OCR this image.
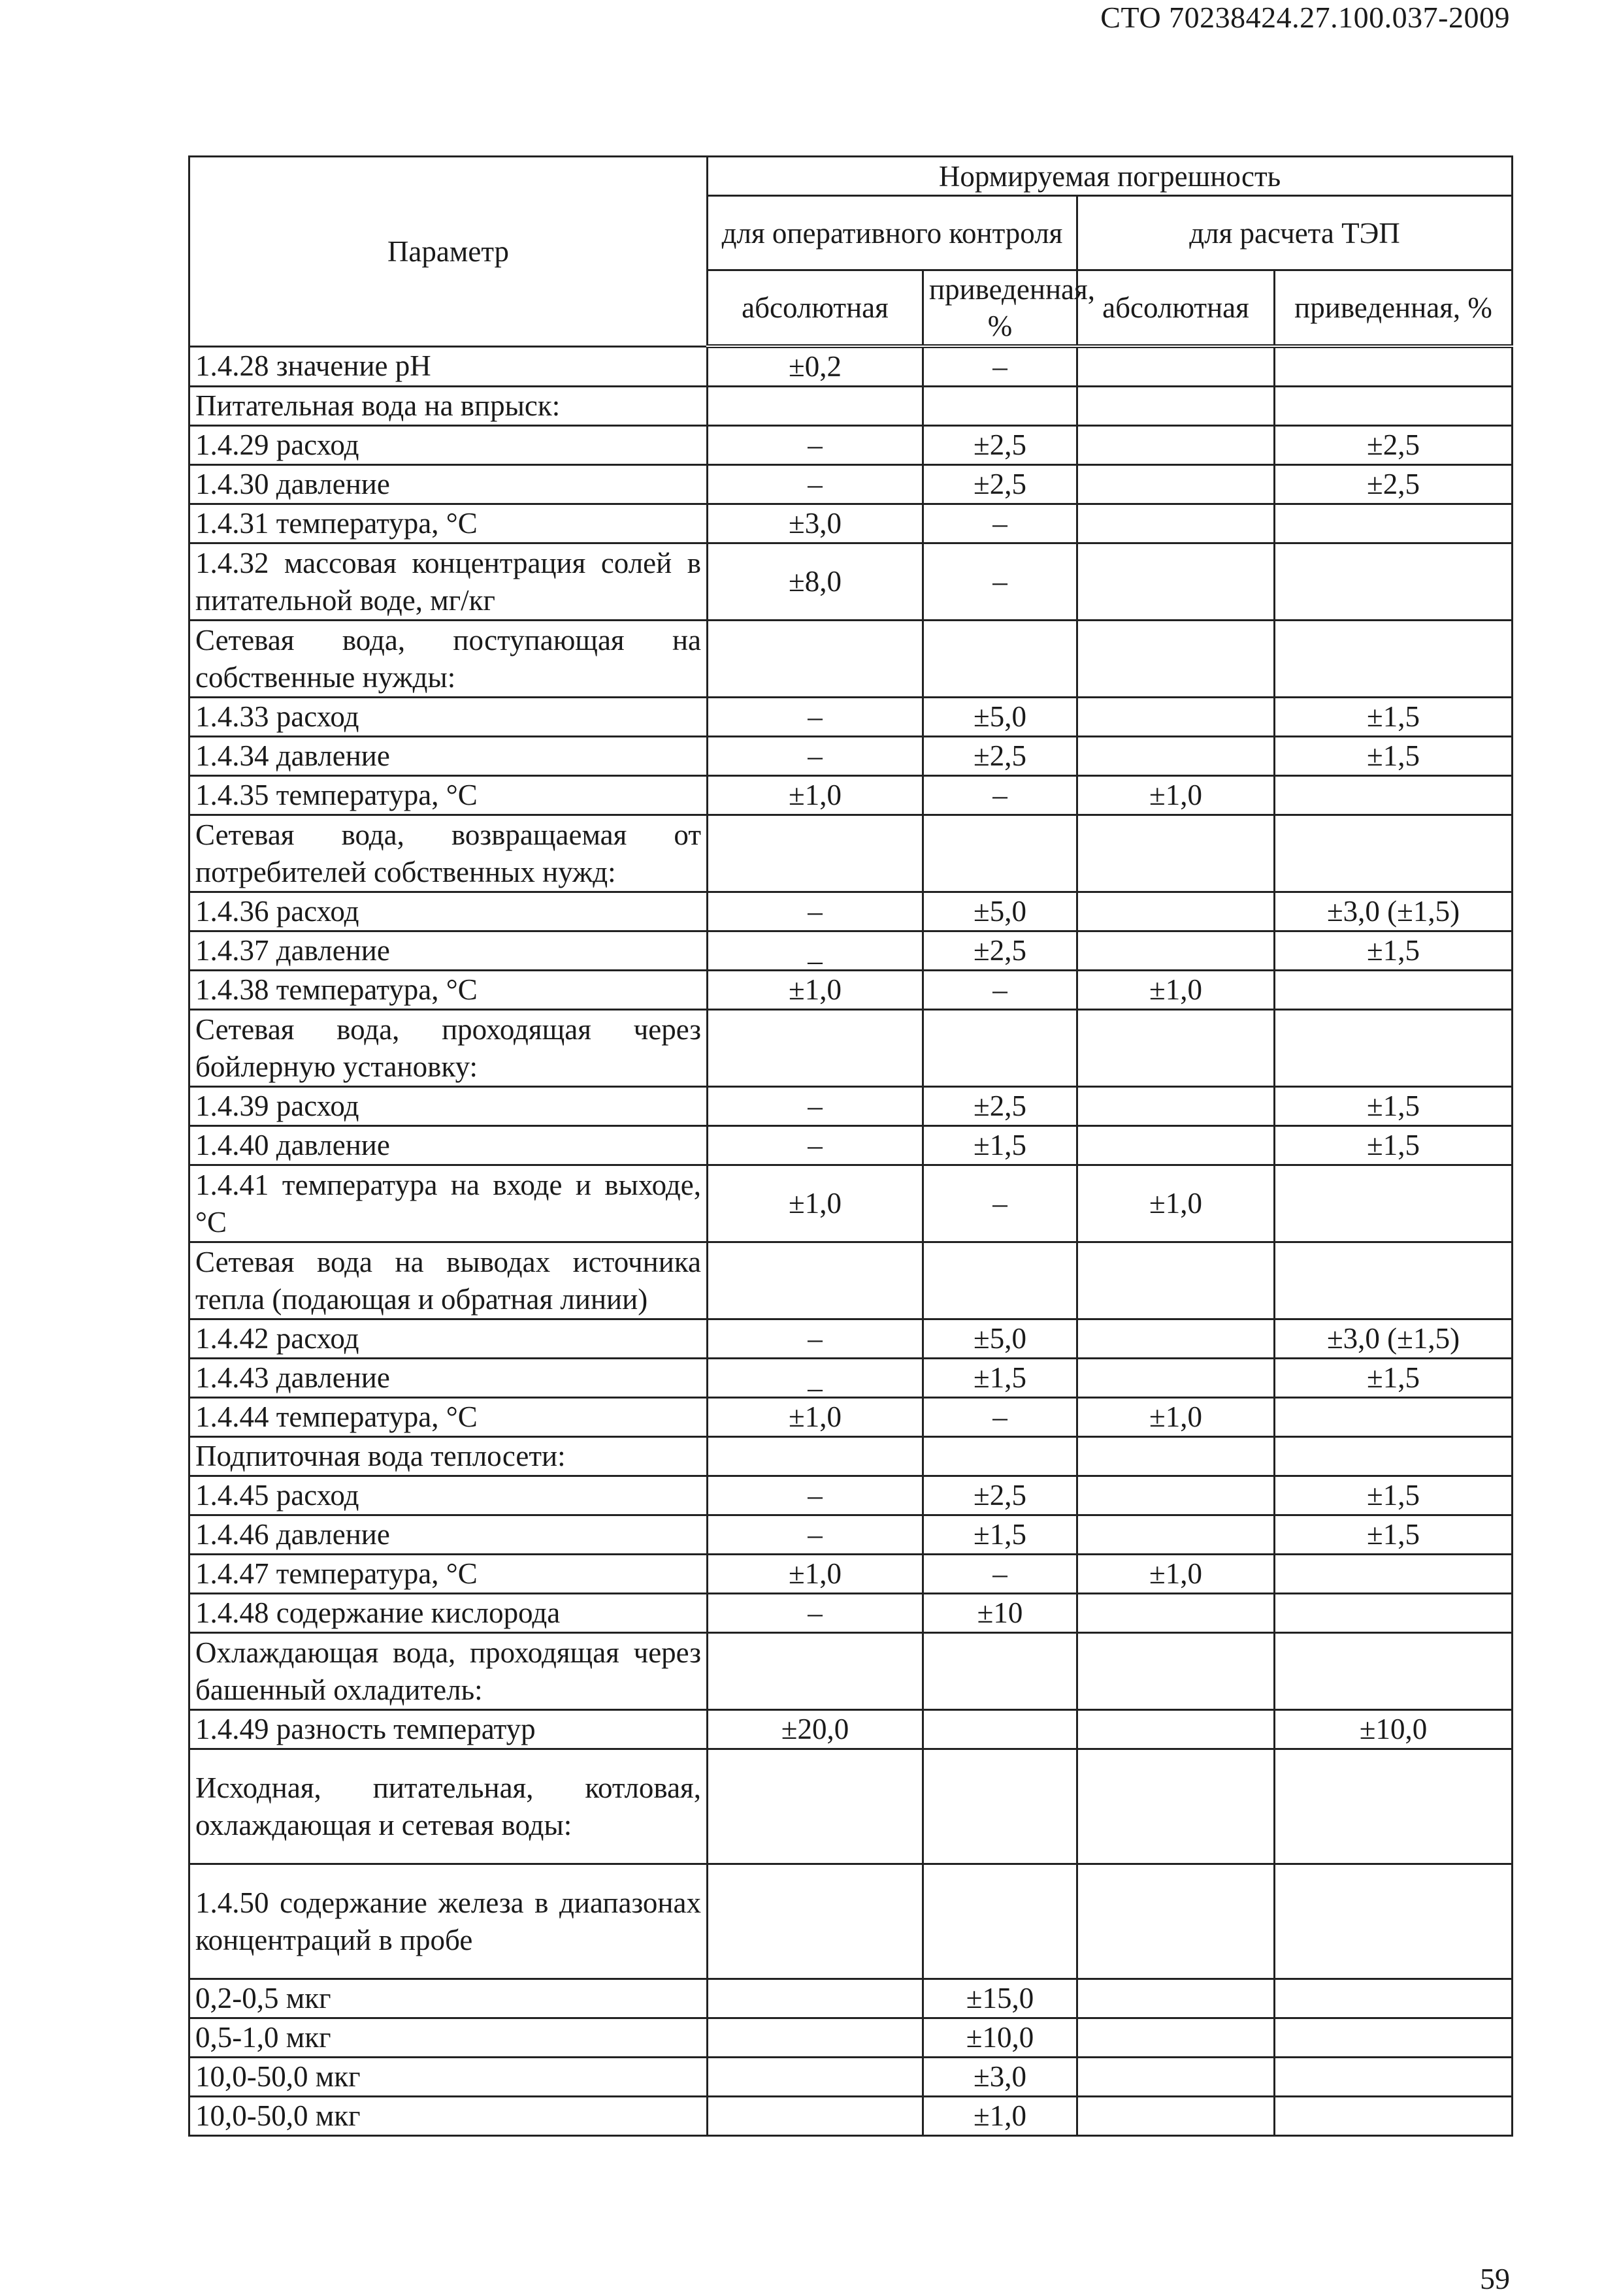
СТО 70238424.27.100.037-2009
Параметр	Нормируемая погрешность			
	для оперативного контроля		для расчета ТЭП	
	абсолютная	приведенная, %	абсолютная	приведенная, %
1.4.28 значение рН	±0,2	–		
Питательная вода на впрыск:				
1.4.29 расход	–	±2,5		±2,5
1.4.30 давление	–	±2,5		±2,5
1.4.31 температура, °С	±3,0	–		
1.4.32 массовая концентрация солей в питательной воде, мг/кг	±8,0	–		
Сетевая вода, поступающая на собственные нужды:				
1.4.33 расход	–	±5,0		±1,5
1.4.34 давление	–	±2,5		±1,5
1.4.35 температура, °С	±1,0	–	±1,0	
Сетевая вода, возвращаемая от потребителей собственных нужд:				
1.4.36 расход	–	±5,0		±3,0 (±1,5)
1.4.37 давление	_	±2,5		±1,5
1.4.38 температура, °С	±1,0	–	±1,0	
Сетевая вода, проходящая через бойлерную установку:				
1.4.39 расход	–	±2,5		±1,5
1.4.40 давление	–	±1,5		±1,5
1.4.41 температура на входе и выходе, °С	±1,0	–	±1,0	
Сетевая вода на выводах источника тепла (подающая и обратная линии)				
1.4.42 расход	–	±5,0		±3,0 (±1,5)
1.4.43 давление	_	±1,5		±1,5
1.4.44 температура, °С	±1,0	–	±1,0	
Подпиточная вода теплосети:				
1.4.45 расход	–	±2,5		±1,5
1.4.46 давление	–	±1,5		±1,5
1.4.47 температура, °С	±1,0	–	±1,0	
1.4.48 содержание кислорода	–	±10		
Охлаждающая вода, проходящая через башенный охладитель:				
1.4.49 разность температур	±20,0			±10,0
Исходная, питательная, котловая, охлаждающая и сетевая воды:				
1.4.50 содержание железа в диапазонах концентраций в пробе				
0,2-0,5 мкг		±15,0		
0,5-1,0 мкг		±10,0		
10,0-50,0 мкг		±3,0		
10,0-50,0 мкг		±1,0		
59
